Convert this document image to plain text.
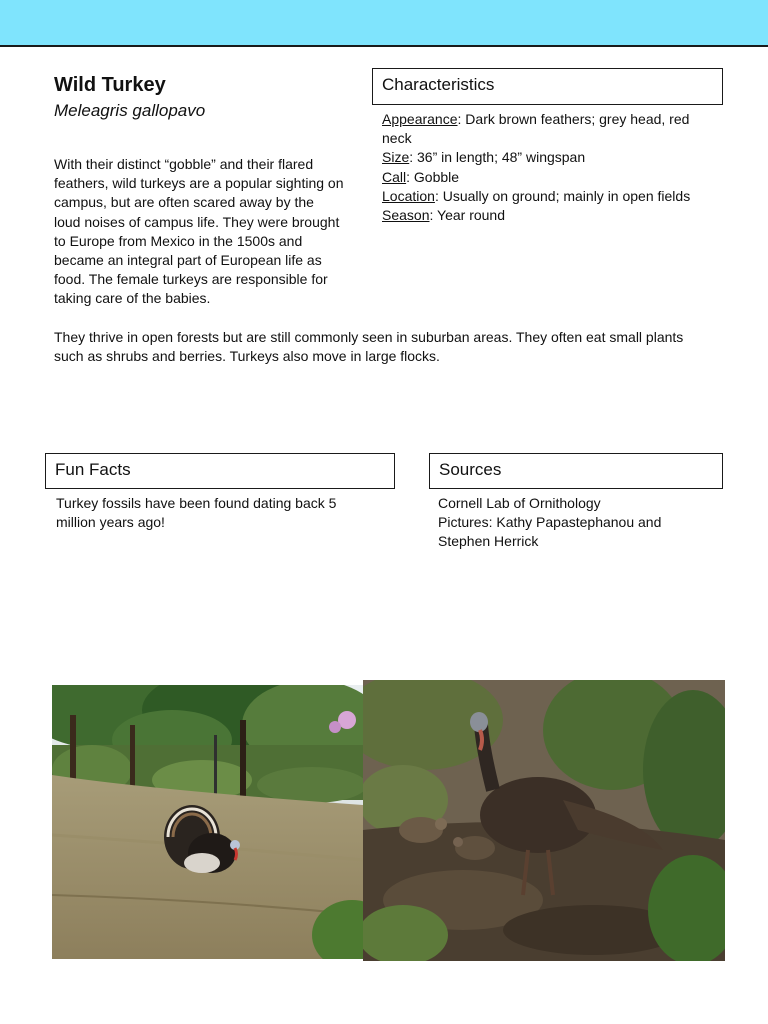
Wild Turkey
Meleagris gallopavo
With their distinct “gobble” and their flared feathers, wild turkeys are a popular sighting on campus, but are often scared away by the loud noises of campus life. They were brought to Europe from Mexico in the 1500s and became an integral part of European life as food. The female turkeys are responsible for taking care of the babies.
They thrive in open forests but are still commonly seen in suburban areas. They often eat small plants such as shrubs and berries. Turkeys also move in large flocks.
Characteristics

Appearance: Dark brown feathers; grey head, red neck

Size: 36” in length; 48” wingspan

Call: Gobble

Location: Usually on ground; mainly in open fields

Season: Year round

Fun Facts
Turkey fossils have been found dating back 5 million years ago!
Sources
Cornell Lab of Ornithology
Pictures: Kathy Papastephanou and Stephen Herrick
